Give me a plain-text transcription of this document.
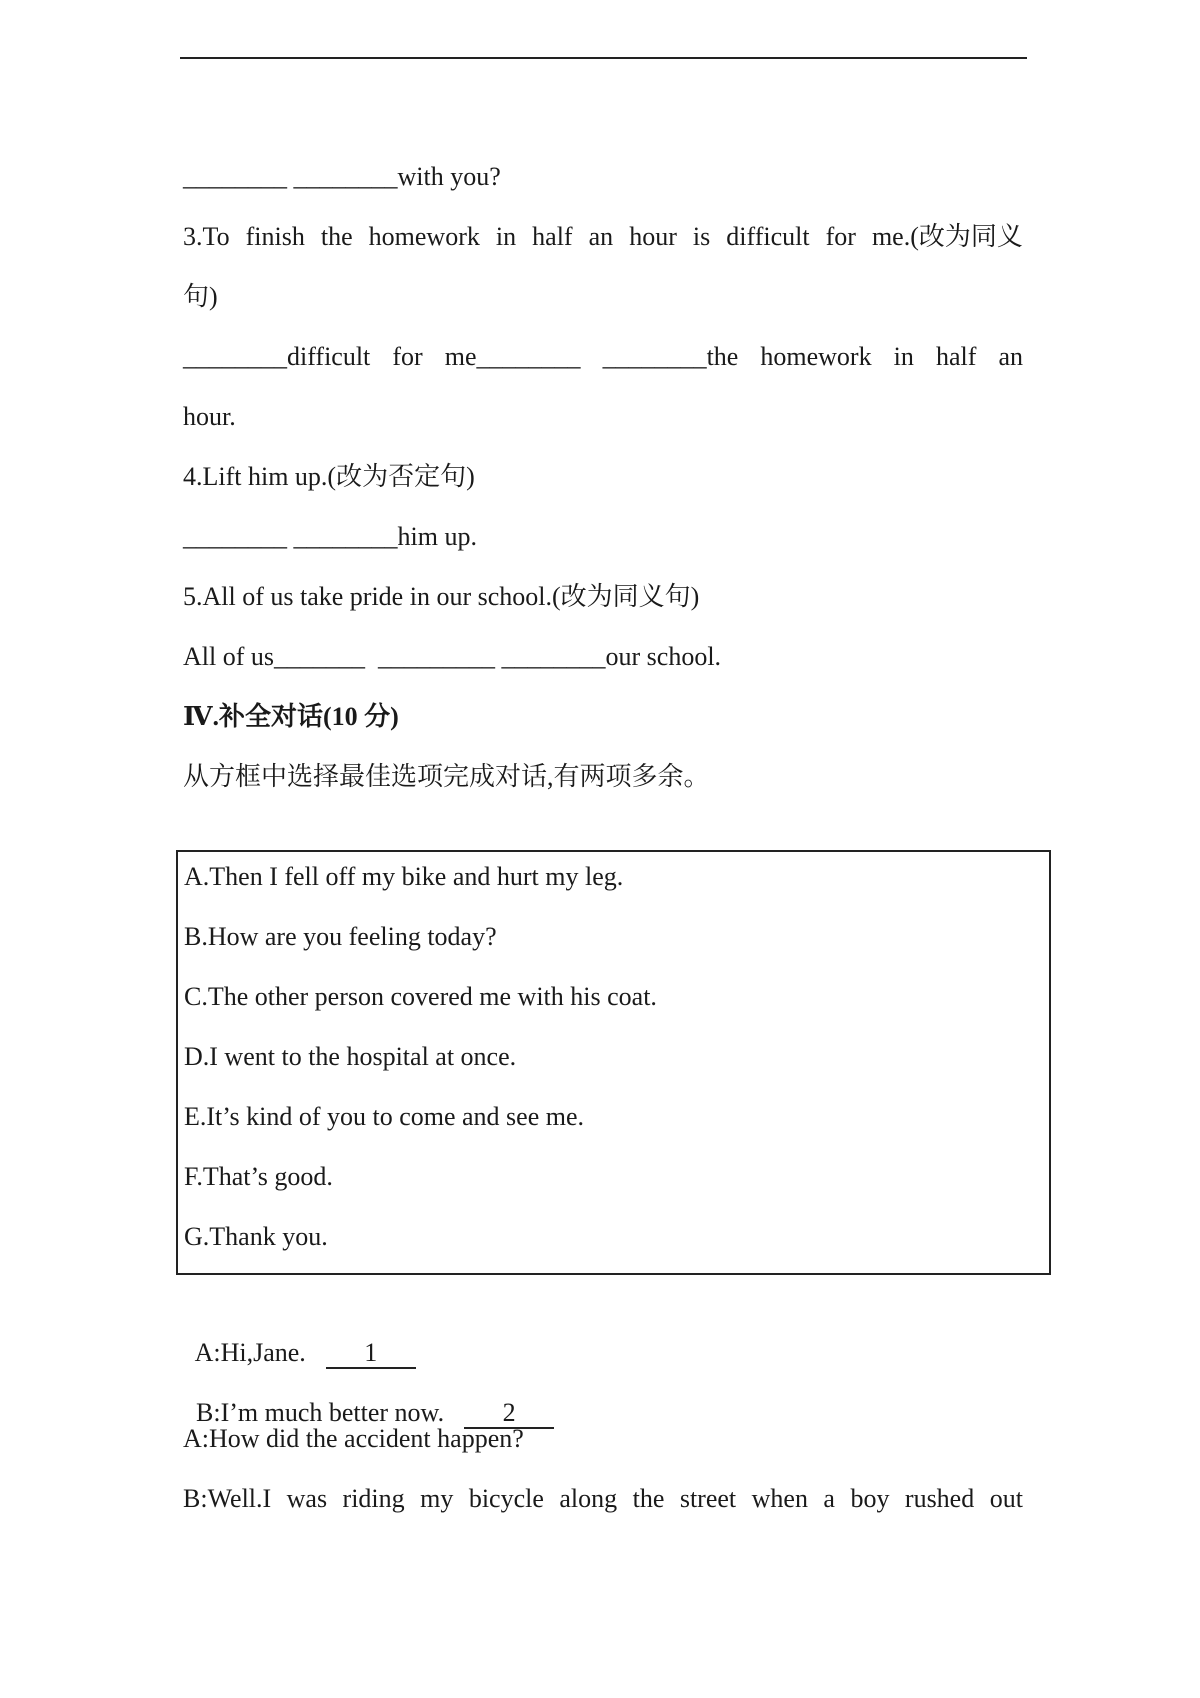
________ ________with you?
3.To finish the homework in half an hour is difficult for me.(改为同义
句)
________difficult for me________ ________the homework in half an
hour.
4.Lift him up.(改为否定句)
________ ________him up.
5.All of us take pride in our school.(改为同义句)
All of us_______  _________ ________our school.
Ⅳ.补全对话(10 分)
从方框中选择最佳选项完成对话,有两项多余。
A.Then I fell off my bike and hurt my leg.
B.How are you feeling today?
C.The other person covered me with his coat.
D.I went to the hospital at once.
E.It’s kind of you to come and see me.
F.That’s good.
G.Thank you.

A:Hi,Jane. 1

B:I’m much better now. 2

A:How did the accident happen?
B:Well.I was riding my bicycle along the street when a boy rushed out
